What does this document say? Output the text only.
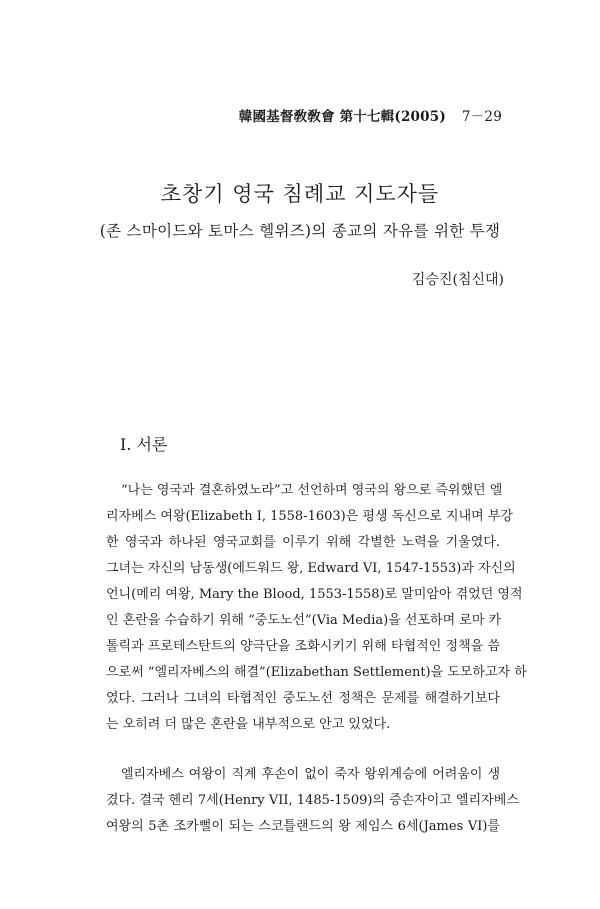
韓國基督敎敎會 第十七輯(2005) 7－29
초창기 영국 침례교 지도자들
(존 스마이드와 토마스 헬위즈)의 종교의 자유를 위한 투쟁
김승진(침신대)
I. 서론
“나는 영국과 결혼하였노라”고 선언하며 영국의 왕으로 즉위했던 엘
리자베스 여왕(Elizabeth I, 1558-1603)은 평생 독신으로 지내며 부강
한 영국과 하나된 영국교회를 이루기 위해 각별한 노력을 기울였다.
그녀는 자신의 남동생(에드워드 왕, Edward VI, 1547-1553)과 자신의
언니(메리 여왕, Mary the Blood, 1553-1558)로 말미암아 겪었던 영적
인 혼란을 수습하기 위해 “중도노선”(Via Media)을 선포하며 로마 카
톨릭과 프로테스탄트의 양극단을 조화시키기 위해 타협적인 정책을 씀
으로써 “엘리자베스의 해결”(Elizabethan Settlement)을 도모하고자 하
였다. 그러나 그녀의 타협적인 중도노선 정책은 문제를 해결하기보다
는 오히려 더 많은 혼란을 내부적으로 안고 있었다.
엘리자베스 여왕이 직계 후손이 없이 죽자 왕위계승에 어려움이 생
겼다. 결국 헨리 7세(Henry VII, 1485-1509)의 증손자이고 엘리자베스
여왕의 5촌 조카뻘이 되는 스코틀랜드의 왕 제임스 6세(James VI)를
